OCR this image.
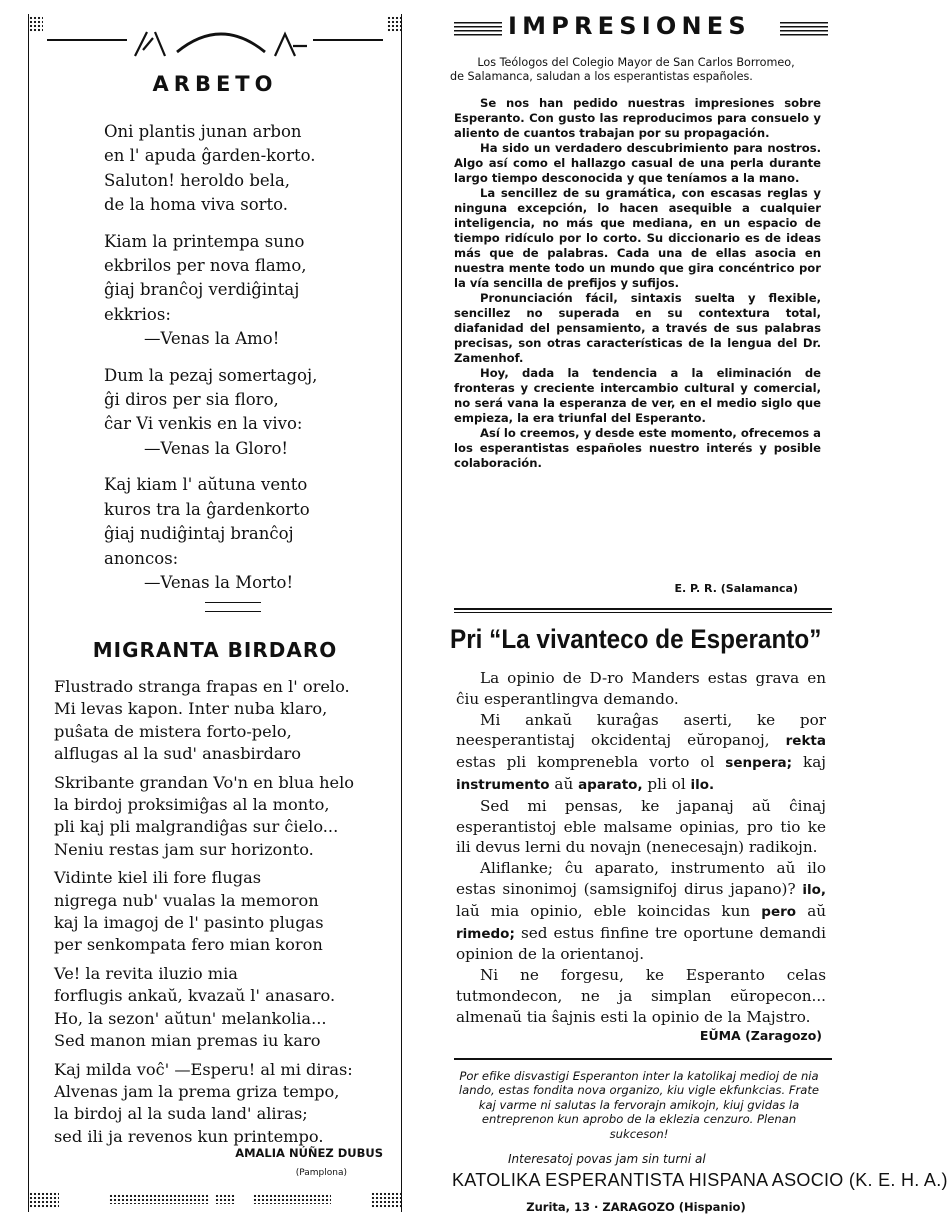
ARBETO
Oni plantis junan arbon
en l' apuda ĝarden-korto.
Saluton! heroldo bela,
de la homa viva sorto.
Kiam la printempa suno
ekbrilos per nova flamo,
ĝiaj branĉoj verdiĝintaj
ekkrios:
—Venas la Amo!
Dum la pezaj somertagoj,
ĝi diros per sia floro,
ĉar Vi venkis en la vivo:
—Venas la Gloro!
Kaj kiam l' aŭtuna vento
kuros tra la ĝardenkorto
ĝiaj nudiĝintaj branĉoj
anoncos:
—Venas la Morto!
MIGRANTA BIRDARO
Flustrado stranga frapas en l' orelo.
Mi levas kapon. Inter nuba klaro,
puŝata de mistera forto-pelo,
alflugas al la sud' anasbirdaro
Skribante grandan Vo'n en blua helo
la birdoj proksimiĝas al la monto,
pli kaj pli malgrandiĝas sur ĉielo...
Neniu restas jam sur horizonto.
Vidinte kiel ili fore flugas
nigrega nub' vualas la memoron
kaj la imagoj de l' pasinto plugas
per senkompata fero mian koron
Ve! la revita iluzio mia
forflugis ankaŭ, kvazaŭ l' anasaro.
Ho, la sezon' aŭtun' melankolia...
Sed manon mian premas iu karo
Kaj milda voĉ' —Esperu! al mi diras:
Alvenas jam la prema griza tempo,
la birdoj al la suda land' aliras;
sed ili ja revenos kun printempo.
AMALIA NÚÑEZ DUBUS
(Pamplona)
IMPRESIONES
Los Teólogos del Colegio Mayor de San Carlos Borromeo,
de Salamanca, saludan a los esperantistas españoles.

Se nos han pedido nuestras impresiones sobre Esperanto. Con gusto las reproducimos para consuelo y aliento de cuantos trabajan por su propagación.

Ha sido un verdadero descubrimiento para nostros. Algo así como el hallazgo casual de una perla durante largo tiempo desconocida y que teníamos a la mano.

La sencillez de su gramática, con escasas reglas y ninguna excepción, lo hacen asequible a cualquier inteligencia, no más que mediana, en un espacio de tiempo ridículo por lo corto. Su diccionario es de ideas más que de palabras. Cada una de ellas asocia en nuestra mente todo un mundo que gira concéntrico por la vía sencilla de prefijos y sufijos.

Pronunciación fácil, sintaxis suelta y flexible, sencillez no superada en su contextura total, diafanidad del pensamiento, a través de sus palabras precisas, son otras características de la lengua del Dr. Zamenhof.

Hoy, dada la tendencia a la eliminación de fronteras y creciente intercambio cultural y comercial, no será vana la esperanza de ver, en el medio siglo que empieza, la era triunfal del Esperanto.

Así lo creemos, y desde este momento, ofrecemos a los esperantistas españoles nuestro interés y posible colaboración.

E. P. R. (Salamanca)
Pri “La vivanteco de Esperanto”

La opinio de D-ro Manders estas grava en ĉiu esperantlingva demando.

Mi ankaŭ kuraĝas aserti, ke por neesperantistaj okcidentaj eŭropanoj, rekta estas pli komprenebla vorto ol senpera; kaj instrumento aŭ aparato, pli ol ilo.

Sed mi pensas, ke japanaj aŭ ĉinaj esperantistoj eble malsame opinias, pro tio ke ili devus lerni du novajn (nenecesajn) radikojn.

Aliflanke; ĉu aparato, instrumento aŭ ilo estas sinonimoj (samsignifoj dirus japano)? ilo, laŭ mia opinio, eble koincidas kun pero aŭ rimedo; sed estus finfine tre oportune demandi opinion de la orientanoj.

Ni ne forgesu, ke Esperanto celas tutmondecon, ne ja simplan eŭropecon... almenaŭ tia ŝajnis esti la opinio de la Majstro.

EŬMA (Zaragozo)
Por efike disvastigi Esperanton inter la katolikaj medioj de nia lando, estas fondita nova organizo, kiu vigle ekfunkcias. Frate kaj varme ni salutas la fervorajn amikojn, kiuj gvidas la entreprenon kun aprobo de la eklezia cenzuro. Plenan sukceson!
Interesatoj povas jam sin turni al
KATOLIKA ESPERANTISTA HISPANA ASOCIO (K. E. H. A.)
Zurita, 13 · ZARAGOZO (Hispanio)
